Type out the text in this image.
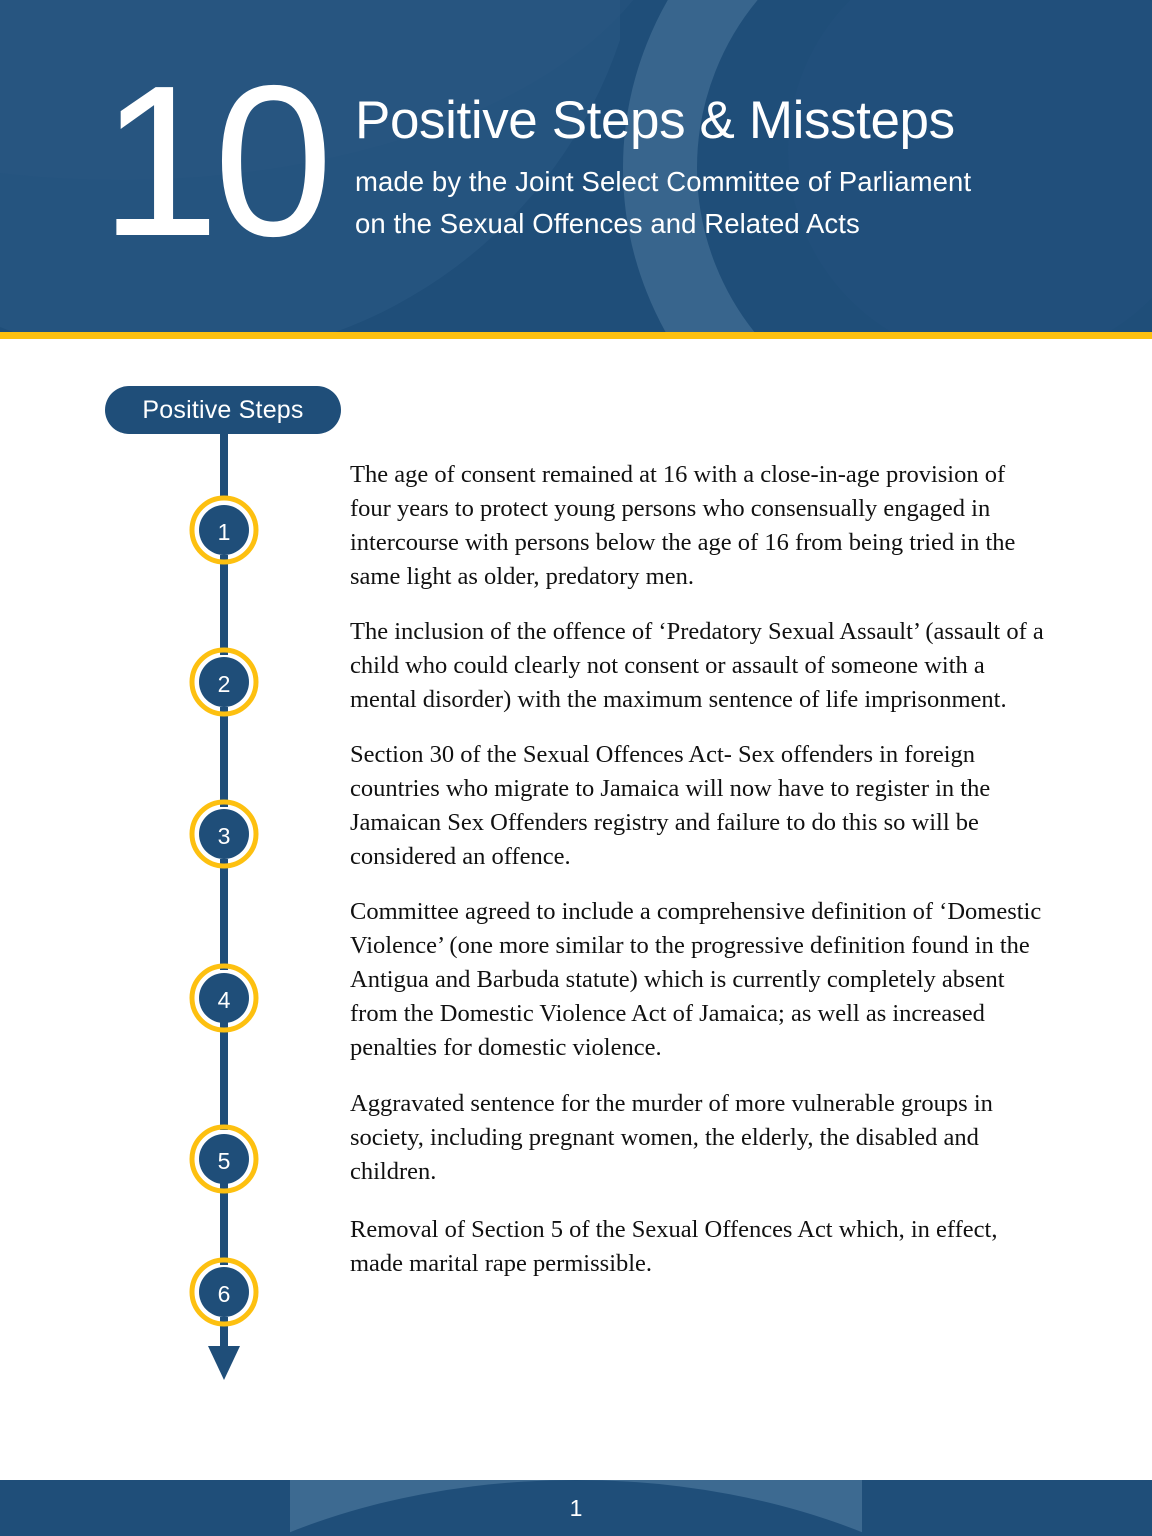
10 Positive Steps & Missteps
made by the Joint Select Committee of Parliament
on the Sexual Offences and Related Acts
Positive Steps
1
2
3
4
5
6

The age of consent remained at 16 with a close-in-age provision of four years to protect young persons who consensually engaged in intercourse with persons below the age of 16 from being tried in the same light as older, predatory men.

The inclusion of the offence of ‘Predatory Sexual Assault’ (assault of a child who could clearly not consent or assault of someone with a mental disorder) with the maximum sentence of life imprisonment.

Section 30 of the Sexual Offences Act- Sex offenders in foreign countries who migrate to Jamaica will now have to register in the Jamaican Sex Offenders registry and failure to do this so will be considered an offence.

Committee agreed to include a comprehensive definition of ‘Domestic Violence’ (one more similar to the progressive definition found in the Antigua and Barbuda statute) which is currently completely absent from the Domestic Violence Act of Jamaica; as well as increased penalties for domestic violence.

Aggravated sentence for the murder of more vulnerable groups in society, including pregnant women, the elderly, the disabled and children.

Removal of Section 5 of the Sexual Offences Act which, in effect, made marital rape permissible.

1
